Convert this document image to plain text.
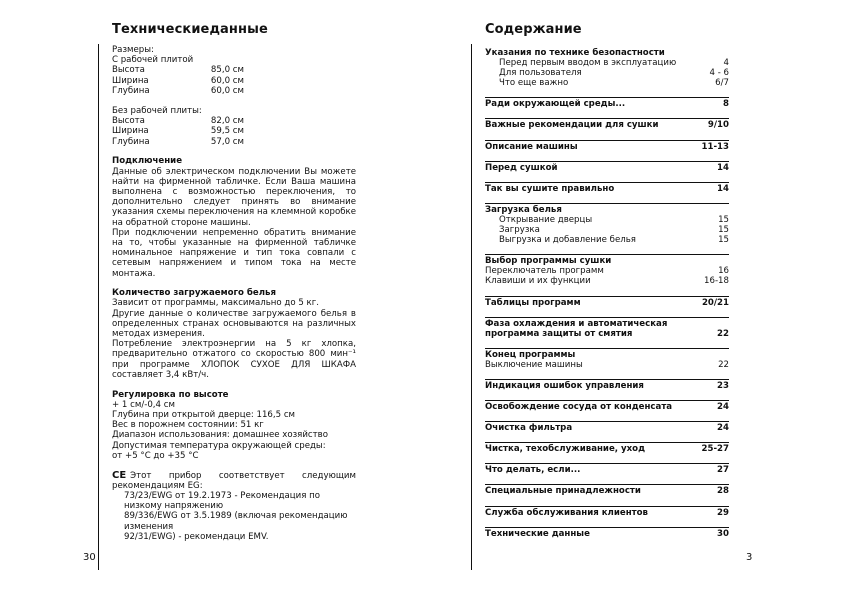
Техническиеданные
30
Размеры:
С рабочей плитой
Высота	85,0 см
Ширина	60,0 см
Глубина	60,0 см
Без рабочей плиты:
Высота	82,0 см
Ширина	59,5 см
Глубина	57,0 см
Подключение
Данные об электрическом подключении Вы можете найти на фирменной табличке. Если Ваша машина выполнена с возможностью переключения, то дополнительно следует принять во внимание указания схемы переключения на клеммной коробке на обратной стороне машины.
При подключении непременно обратить внимание на то, чтобы указанные на фирменной табличке номинальное напряжение и тип тока совпали с сетевым напряжением и типом тока на месте монтажа.
Количество загружаемого белья
Зависит от программы, максимально до 5 кг.
Другие данные о количестве загружаемого белья в определенных странах основываются на различных методах измерения.
Потребление электроэнергии на 5 кг хлопка, предварительно отжатого со скоростью 800 мин⁻¹ при программе ХЛОПОК СУХОЕ ДЛЯ ШКАФА составляет 3,4 кВт/ч.
Регулировка по высоте
+ 1 см/-0,4 см
Глубина при открытой дверце: 116,5 см
Вес в порожнем состоянии: 51 кг
Диапазон использования: домашнее хозяйство
Допустимая температура окружающей среды:
от +5 °C до +35 °C
CE Этот прибор соответствует следующим рекомендациям EG:
73/23/EWG от 19.2.1973 - Рекомендация по низкому напряжению
89/336/EWG от 3.5.1989 (включая рекомендацию изменения
92/31/EWG) - рекомендаци EMV.
Содержание
3
Указания по технике безопастности
Перед первым вводом в эксплуатацию	4
Для пользователя	4 - 6
Что еще важно	6/7
Ради окружающей среды...	8
Важные рекомендации для сушки	9/10
Описание машины	11-13
Перед сушкой	14
Так вы сушите правильно	14
Загрузка белья
Открывание дверцы	15
Загрузка	15
Выгрузка и добавление белья	15
Выбор программы сушки
Переключатель программ	16
Клавиши и их функции	16-18
Таблицы программ	20/21
Фаза охлаждения и автоматическая
программа защиты от смятия	22
Конец программы
Выключение машины	22
Индикация ошибок управления	23
Освобождение сосуда от конденсата	24
Очистка фильтра	24
Чистка, техобслуживание, уход	25-27
Что делать, если...	27
Специальные принадлежности	28
Служба обслуживания клиентов	29
Технические данные	30
